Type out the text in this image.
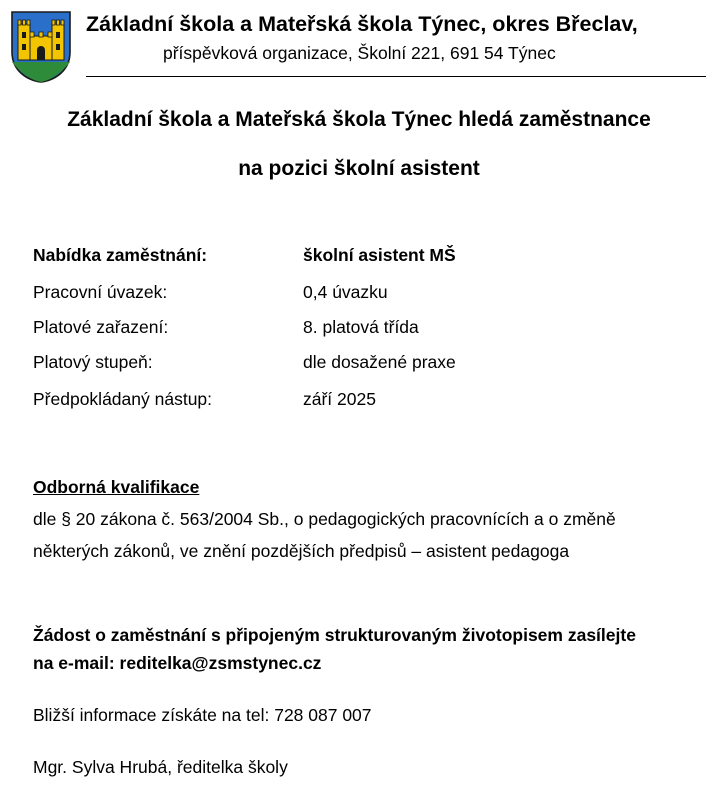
Základní škola a Mateřská škola Týnec, okres Břeclav,
příspěvková organizace, Školní 221, 691 54 Týnec
Základní škola a Mateřská škola Týnec hledá zaměstnance
na pozici školní asistent
Nabídka zaměstnání:	školní asistent MŠ
Pracovní úvazek:	0,4 úvazku
Platové zařazení:	8. platová třída
Platový stupeň:	dle dosažené praxe
Předpokládaný nástup:	září 2025
Odborná kvalifikace
dle § 20 zákona č. 563/2004 Sb., o pedagogických pracovnících a o změně
některých zákonů, ve znění pozdějších předpisů – asistent pedagoga
Žádost o zaměstnání s připojeným strukturovaným životopisem zasílejte
na e-mail: reditelka@zsmstynec.cz
Bližší informace získáte na tel: 728 087 007
Mgr. Sylva Hrubá, ředitelka školy
